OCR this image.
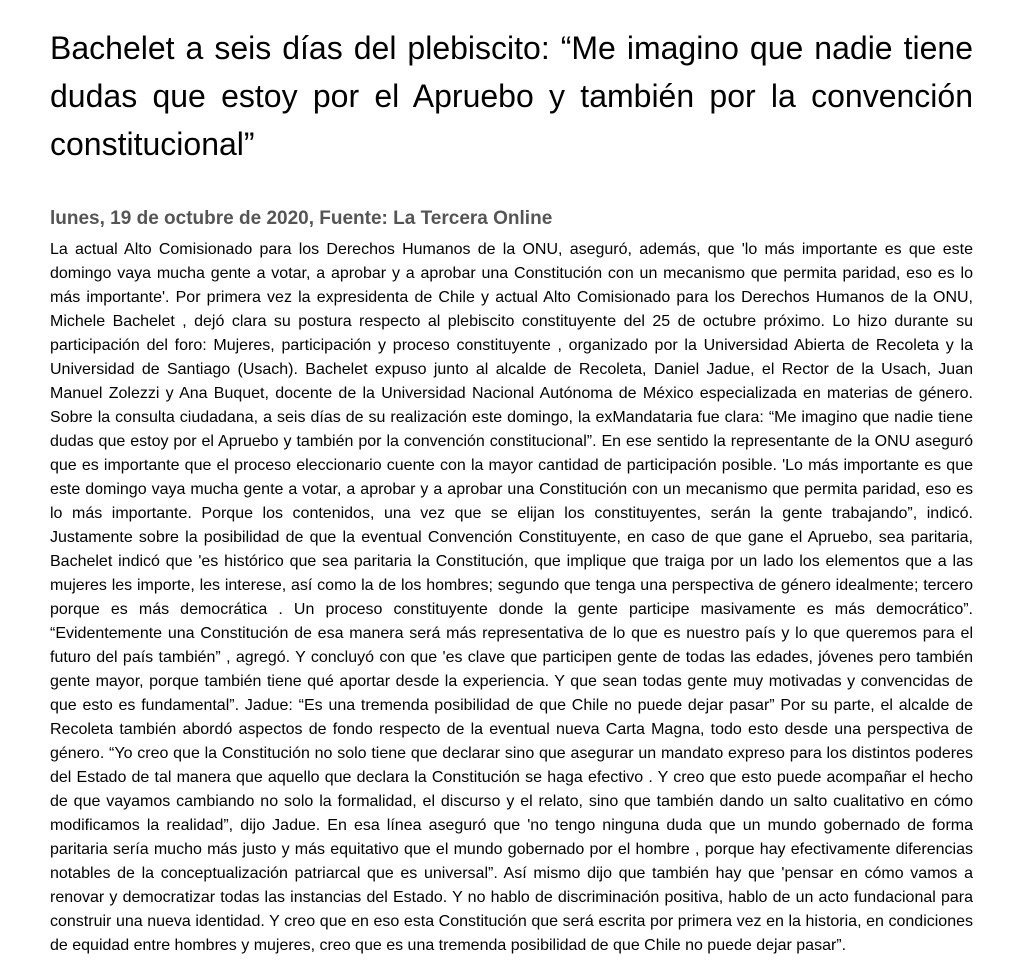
Bachelet a seis días del plebiscito: “Me imagino que nadie tiene dudas que estoy por el Apruebo y también por la convención constitucional”
lunes, 19 de octubre de 2020, Fuente: La Tercera Online

La actual Alto Comisionado para los Derechos Humanos de la ONU, aseguró, además, que 'lo más importante es que este domingo vaya mucha gente a votar, a aprobar y a aprobar una Constitución con un mecanismo que permita paridad, eso es lo más importante'. Por primera vez la expresidenta de Chile y actual Alto Comisionado para los Derechos Humanos de la ONU, Michele Bachelet , dejó clara su postura respecto al plebiscito constituyente del 25 de octubre próximo. Lo hizo durante su participación del foro: Mujeres, participación y proceso constituyente , organizado por la Universidad Abierta de Recoleta y la Universidad de Santiago (Usach). Bachelet expuso junto al alcalde de Recoleta, Daniel Jadue, el Rector de la Usach, Juan Manuel Zolezzi y Ana Buquet, docente de la Universidad Nacional Autónoma de México especializada en materias de género. Sobre la consulta ciudadana, a seis días de su realización este domingo, la exMandataria fue clara: “Me imagino que nadie tiene dudas que estoy por el Apruebo y también por la convención constitucional”. En ese sentido la representante de la ONU aseguró que es importante que el proceso eleccionario cuente con la mayor cantidad de participación posible. 'Lo más importante es que este domingo vaya mucha gente a votar, a aprobar y a aprobar una Constitución con un mecanismo que permita paridad, eso es lo más importante. Porque los contenidos, una vez que se elijan los constituyentes, serán la gente trabajando”, indicó. Justamente sobre la posibilidad de que la eventual Convención Constituyente, en caso de que gane el Apruebo, sea paritaria, Bachelet indicó que 'es histórico que sea paritaria la Constitución, que implique que traiga por un lado los elementos que a las mujeres les importe, les interese, así como la de los hombres; segundo que tenga una perspectiva de género idealmente; tercero porque es más democrática . Un proceso constituyente donde la gente participe masivamente es más democrático”. “Evidentemente una Constitución de esa manera será más representativa de lo que es nuestro país y lo que queremos para el futuro del país también” , agregó. Y concluyó con que 'es clave que participen gente de todas las edades, jóvenes pero también gente mayor, porque también tiene qué aportar desde la experiencia. Y que sean todas gente muy motivadas y convencidas de que esto es fundamental”. Jadue: “Es una tremenda posibilidad de que Chile no puede dejar pasar” Por su parte, el alcalde de Recoleta también abordó aspectos de fondo respecto de la eventual nueva Carta Magna, todo esto desde una perspectiva de género. “Yo creo que la Constitución no solo tiene que declarar sino que asegurar un mandato expreso para los distintos poderes del Estado de tal manera que aquello que declara la Constitución se haga efectivo . Y creo que esto puede acompañar el hecho de que vayamos cambiando no solo la formalidad, el discurso y el relato, sino que también dando un salto cualitativo en cómo modificamos la realidad”, dijo Jadue. En esa línea aseguró que 'no tengo ninguna duda que un mundo gobernado de forma paritaria sería mucho más justo y más equitativo que el mundo gobernado por el hombre , porque hay efectivamente diferencias notables de la conceptualización patriarcal que es universal”. Así mismo dijo que también hay que 'pensar en cómo vamos a renovar y democratizar todas las instancias del Estado. Y no hablo de discriminación positiva, hablo de un acto fundacional para construir una nueva identidad. Y creo que en eso esta Constitución que será escrita por primera vez en la historia, en condiciones de equidad entre hombres y mujeres, creo que es una tremenda posibilidad de que Chile no puede dejar pasar”.
